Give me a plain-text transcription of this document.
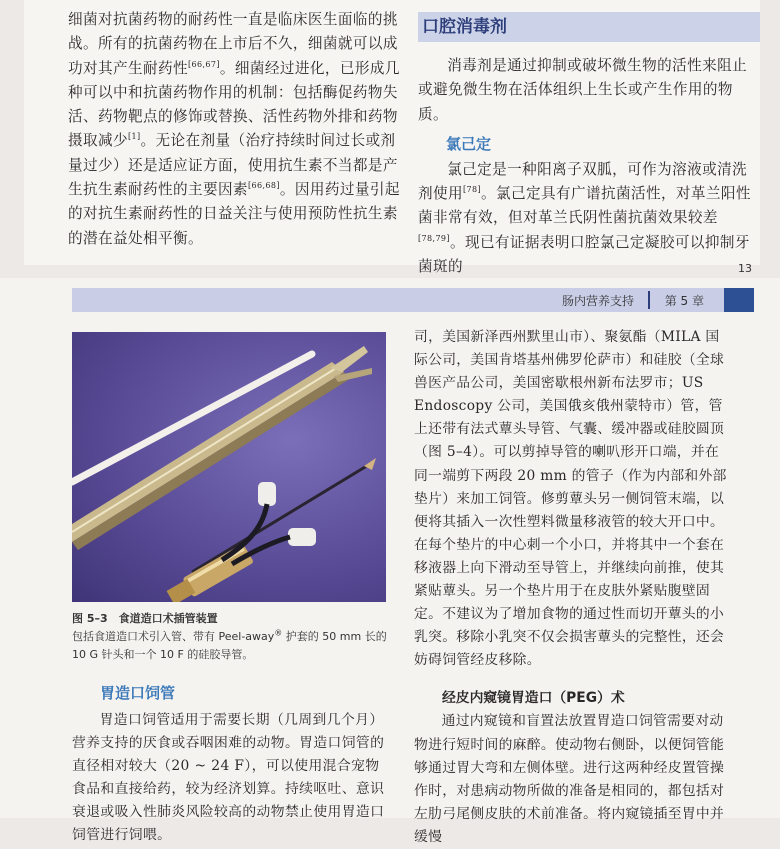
细菌对抗菌药物的耐药性一直是临床医生面临的挑战。所有的抗菌药物在上市后不久，细菌就可以成功对其产生耐药性[66,67]。细菌经过进化，已形成几种可以中和抗菌药物作用的机制：包括酶促药物失活、药物靶点的修饰或替换、活性药物外排和药物摄取减少[1]。无论在剂量（治疗持续时间过长或剂量过少）还是适应证方面，使用抗生素不当都是产生抗生素耐药性的主要因素[66,68]。因用药过量引起的对抗生素耐药性的日益关注与使用预防性抗生素的潜在益处相平衡。

口腔消毒剂

消毒剂是通过抑制或破坏微生物的活性来阻止或避免微生物在活体组织上生长或产生作用的物质。

氯己定

氯己定是一种阳离子双胍，可作为溶液或清洗剂使用[78]。氯己定具有广谱抗菌活性，对革兰阳性菌非常有效，但对革兰氏阴性菌抗菌效果较差[78,79]。现已有证据表明口腔氯己定凝胶可以抑制牙菌斑的	13
肠内营养支持	第 5 章
图 5–3　食道造口术插管装置
包括食道造口术引入管、带有 Peel-away® 护套的 50 mm 长的 10 G 针头和一个 10 F 的硅胶导管。
胃造口饲管

胃造口饲管适用于需要长期（几周到几个月）营养支持的厌食或吞咽困难的动物。胃造口饲管的直径相对较大（20 ~ 24 F），可以使用混合宠物食品和直接给药，较为经济划算。持续呕吐、意识衰退或吸入性肺炎风险较高的动物禁止使用胃造口饲管进行饲喂。

司，美国新泽西州默里山市）、聚氨酯（MILA 国际公司，美国肯塔基州佛罗伦萨市）和硅胶（全球兽医产品公司，美国密歇根州新布法罗市；US Endoscopy 公司，美国俄亥俄州蒙特市）管，管上还带有法式蕈头导管、气囊、缓冲器或硅胶圆顶（图 5–4）。可以剪掉导管的喇叭形开口端，并在同一端剪下两段 20 mm 的管子（作为内部和外部垫片）来加工饲管。修剪蕈头另一侧饲管末端，以便将其插入一次性塑料微量移液管的较大开口中。在每个垫片的中心刺一个小口，并将其中一个套在移液器上向下滑动至导管上，并继续向前推，使其紧贴蕈头。另一个垫片用于在皮肤外紧贴腹壁固定。不建议为了增加食物的通过性而切开蕈头的小乳突。移除小乳突不仅会损害蕈头的完整性，还会妨碍饲管经皮移除。

经皮内窥镜胃造口（PEG）术

通过内窥镜和盲置法放置胃造口饲管需要对动物进行短时间的麻醉。使动物右侧卧，以便饲管能够通过胃大弯和左侧体壁。进行这两种经皮置管操作时，对患病动物所做的准备是相同的，都包括对左肋弓尾侧皮肤的术前准备。将内窥镜插至胃中并缓慢
